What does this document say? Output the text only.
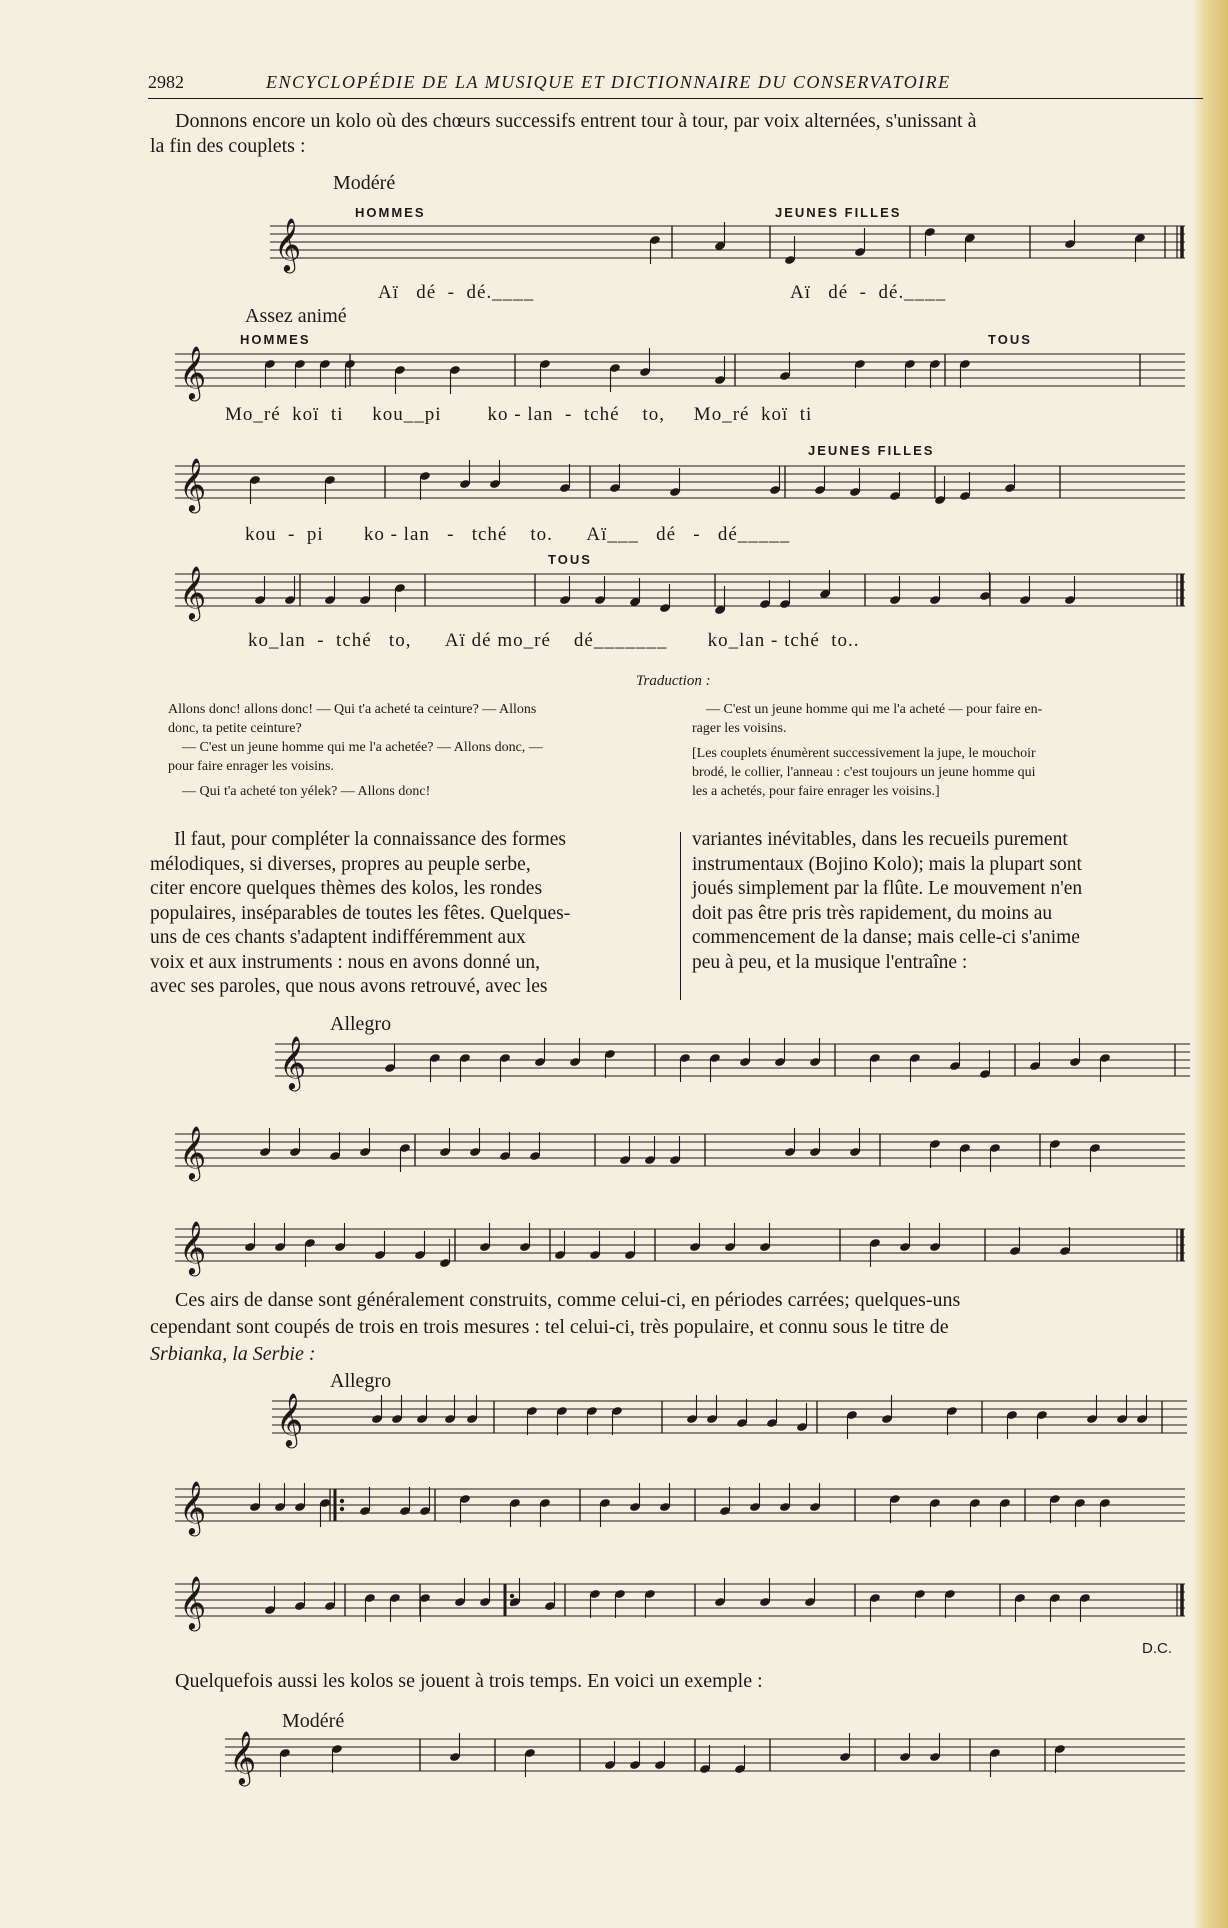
2982	ENCYCLOPÉDIE DE LA MUSIQUE ET DICTIONNAIRE DU CONSERVATOIRE
Donnons encore un kolo où des chœurs successifs entrent tour à tour, par voix alternées, s'unissant à
la fin des couplets :
Modéré
HOMMES	JEUNES FILLES
𝄞
Aï   dé  -  dé.____	Aï   dé  -  dé.____
Assez animé
HOMMES	TOUS
𝄞
Mo_ré  koï  ti     kou__pi        ko - lan  -  tché    to,     Mo_ré  koï  ti
JEUNES FILLES
𝄞
kou  -  pi       ko - lan   -   tché    to.      Aï___   dé   -   dé_____
TOUS
𝄞
ko_lan  -  tché   to,      Aï dé mo_ré    dé_______       ko_lan - tché  to..
Traduction :
Allons donc! allons donc! — Qui t'a acheté ta ceinture? — Allons
donc, ta petite ceinture?
— C'est un jeune homme qui me l'a achetée? — Allons donc, —
pour faire enrager les voisins.
— Qui t'a acheté ton yélek? — Allons donc!
— C'est un jeune homme qui me l'a acheté — pour faire en-
rager les voisins.
[Les couplets énumèrent successivement la jupe, le mouchoir
brodé, le collier, l'anneau : c'est toujours un jeune homme qui
les a achetés, pour faire enrager les voisins.]
Il faut, pour compléter la connaissance des formes
mélodiques, si diverses, propres au peuple serbe,
citer encore quelques thèmes des kolos, les rondes
populaires, inséparables de toutes les fêtes. Quelques-
uns de ces chants s'adaptent indifféremment aux
voix et aux instruments : nous en avons donné un,
avec ses paroles, que nous avons retrouvé, avec les
variantes inévitables, dans les recueils purement
instrumentaux (Bojino Kolo); mais la plupart sont
joués simplement par la flûte. Le mouvement n'en
doit pas être pris très rapidement, du moins au
commencement de la danse; mais celle-ci s'anime
peu à peu, et la musique l'entraîne :
Allegro
𝄞
𝄞
𝄞
Ces airs de danse sont généralement construits, comme celui-ci, en périodes carrées; quelques-uns
cependant sont coupés de trois en trois mesures : tel celui-ci, très populaire, et connu sous le titre de
Srbianka, la Serbie :
Allegro
𝄞
𝄞
𝄞
D.C.
Quelquefois aussi les kolos se jouent à trois temps. En voici un exemple :
Modéré
𝄞
